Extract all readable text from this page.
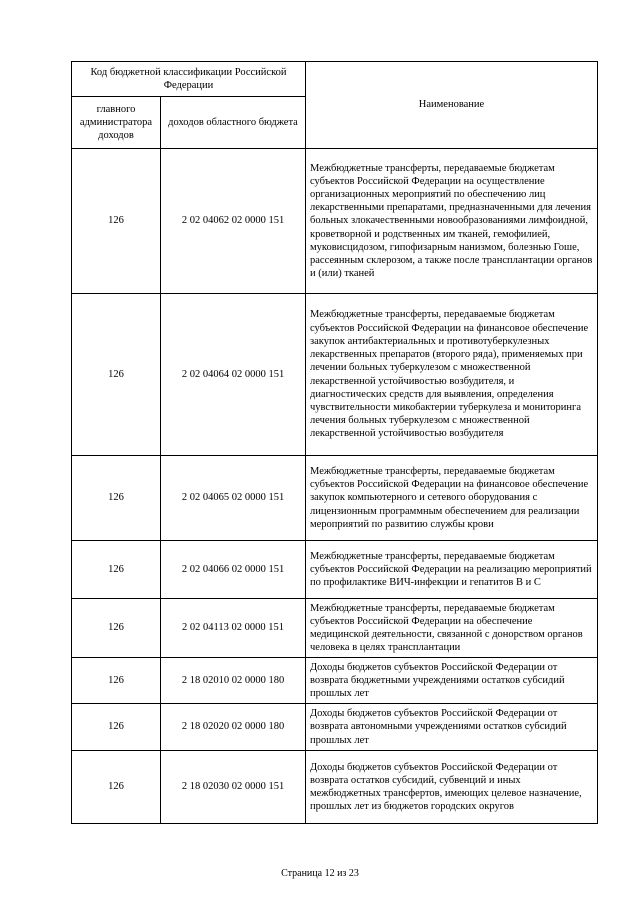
Код бюджетной классификации Российской Федерации		Наименование
главного администратора доходов	доходов областного бюджета	
126	2 02 04062 02 0000 151	Межбюджетные трансферты, передаваемые бюджетам субъектов Российской Федерации на осуществление организационных мероприятий по обеспечению лиц лекарственными препаратами, предназначенными для лечения больных злокачественными новообразованиями лимфоидной, кроветворной и родственных им тканей, гемофилией, муковисцидозом, гипофизарным нанизмом, болезнью Гоше, рассеянным склерозом, а также после трансплантации органов и (или) тканей
126	2 02 04064 02 0000 151	Межбюджетные трансферты, передаваемые бюджетам субъектов Российской Федерации на финансовое обеспечение закупок антибактериальных и противотуберкулезных лекарственных препаратов (второго ряда), применяемых при лечении больных туберкулезом с множественной лекарственной устойчивостью возбудителя, и диагностических средств для выявления, определения чувствительности микобактерии туберкулеза и мониторинга лечения больных туберкулезом с множественной лекарственной устойчивостью возбудителя
126	2 02 04065 02 0000 151	Межбюджетные трансферты, передаваемые бюджетам субъектов Российской Федерации на финансовое обеспечение закупок компьютерного и сетевого оборудования с лицензионным программным обеспечением для реализации мероприятий по развитию службы крови
126	2 02 04066 02 0000 151	Межбюджетные трансферты, передаваемые бюджетам субъектов Российской Федерации на реализацию мероприятий по профилактике ВИЧ-инфекции и гепатитов B и C
126	2 02 04113 02 0000 151	Межбюджетные трансферты, передаваемые бюджетам субъектов Российской Федерации на обеспечение медицинской деятельности, связанной с донорством органов человека в целях трансплантации
126	2 18 02010 02 0000 180	Доходы бюджетов субъектов Российской Федерации от возврата бюджетными учреждениями остатков субсидий прошлых лет
126	2 18 02020 02 0000 180	Доходы бюджетов субъектов Российской Федерации от возврата автономными учреждениями остатков субсидий прошлых лет
126	2 18 02030 02 0000 151	Доходы бюджетов субъектов Российской Федерации от возврата остатков субсидий, субвенций и иных межбюджетных трансфертов, имеющих целевое назначение, прошлых лет из бюджетов городских округов
Страница 12 из 23
